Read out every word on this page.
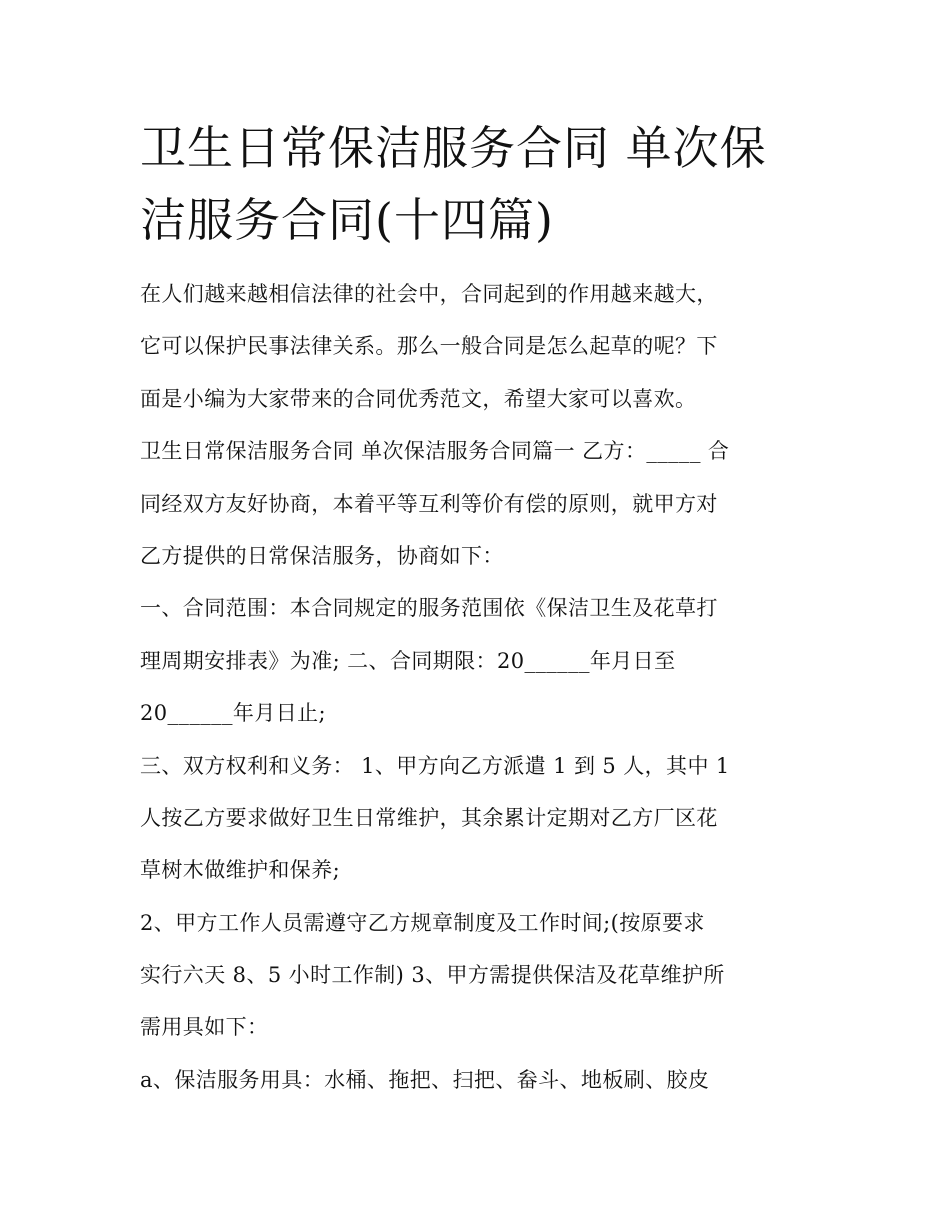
卫生日常保洁服务合同 单次保
洁服务合同(十四篇)
在人们越来越相信法律的社会中，合同起到的作用越来越大，
它可以保护民事法律关系。那么一般合同是怎么起草的呢？下
面是小编为大家带来的合同优秀范文，希望大家可以喜欢。
卫生日常保洁服务合同 单次保洁服务合同篇一 乙方：_____ 合
同经双方友好协商，本着平等互利等价有偿的原则，就甲方对
乙方提供的日常保洁服务，协商如下：
一、合同范围：本合同规定的服务范围依《保洁卫生及花草打
理周期安排表》为准; 二、合同期限：20______年月日至
20______年月日止;
三、双方权利和义务： 1、甲方向乙方派遣 1 到 5 人，其中 1
人按乙方要求做好卫生日常维护，其余累计定期对乙方厂区花
草树木做维护和保养;
2、甲方工作人员需遵守乙方规章制度及工作时间;(按原要求
实行六天 8、5 小时工作制) 3、甲方需提供保洁及花草维护所
需用具如下：
a、保洁服务用具：水桶、拖把、扫把、畚斗、地板刷、胶皮
